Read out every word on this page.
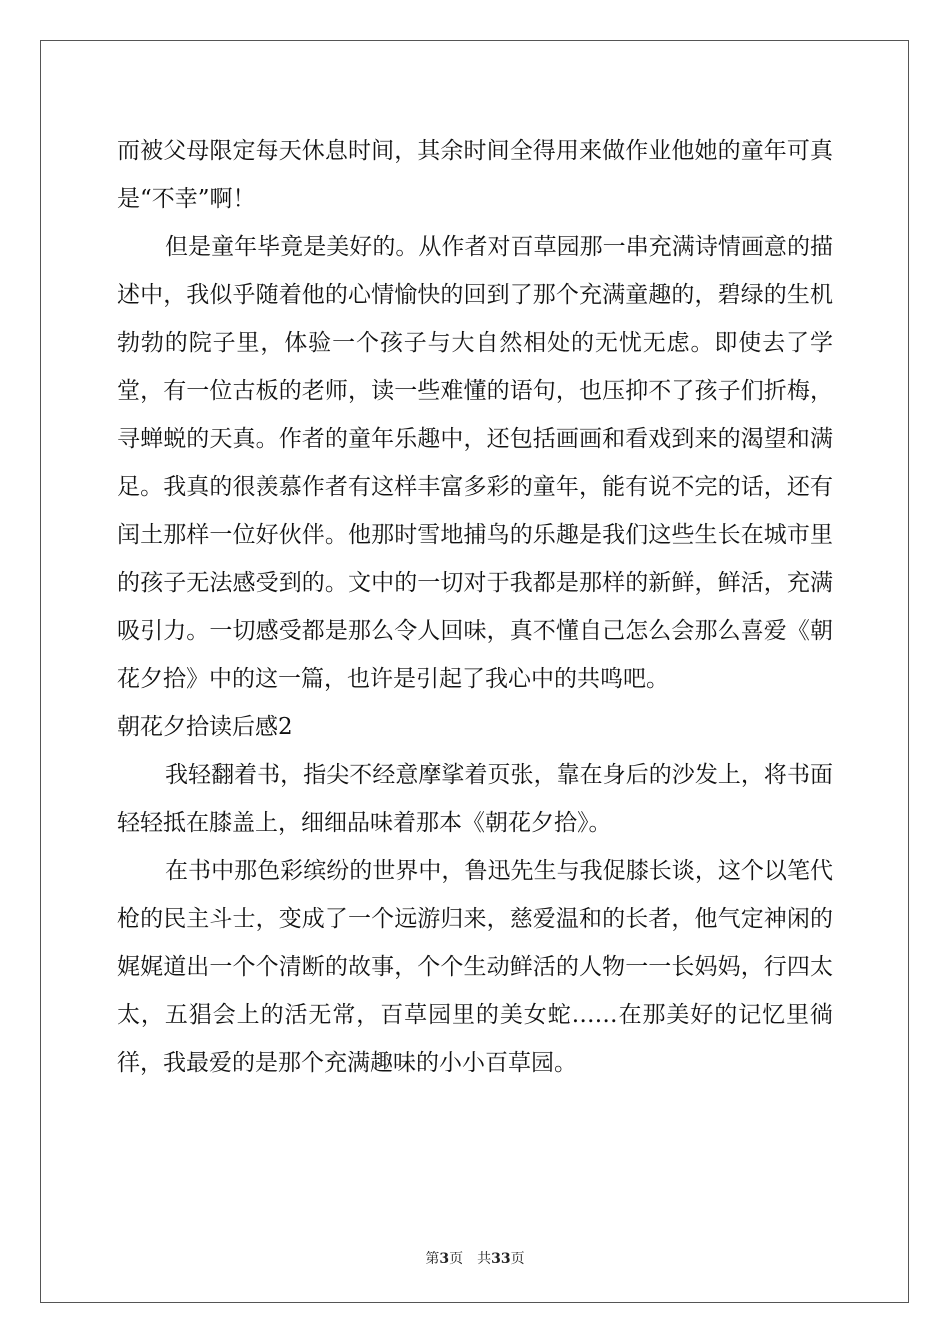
而被父母限定每天休息时间，其余时间全得用来做作业他她的童年可真是“不幸”啊！

但是童年毕竟是美好的。从作者对百草园那一串充满诗情画意的描述中，我似乎随着他的心情愉快的回到了那个充满童趣的，碧绿的生机勃勃的院子里，体验一个孩子与大自然相处的无忧无虑。即使去了学堂，有一位古板的老师，读一些难懂的语句，也压抑不了孩子们折梅，寻蝉蜕的天真。作者的童年乐趣中，还包括画画和看戏到来的渴望和满足。我真的很羡慕作者有这样丰富多彩的童年，能有说不完的话，还有闰土那样一位好伙伴。他那时雪地捕鸟的乐趣是我们这些生长在城市里的孩子无法感受到的。文中的一切对于我都是那样的新鲜，鲜活，充满吸引力。一切感受都是那么令人回味，真不懂自己怎么会那么喜爱《朝花夕拾》中的这一篇，也许是引起了我心中的共鸣吧。

朝花夕拾读后感2

我轻翻着书，指尖不经意摩挲着页张，靠在身后的沙发上，将书面轻轻抵在膝盖上，细细品味着那本《朝花夕拾》。

在书中那色彩缤纷的世界中，鲁迅先生与我促膝长谈，这个以笔代枪的民主斗士，变成了一个远游归来，慈爱温和的长者，他气定神闲的娓娓道出一个个清断的故事，个个生动鲜活的人物一一长妈妈，行四太太，五猖会上的活无常，百草园里的美女蛇……在那美好的记忆里徜徉，我最爱的是那个充满趣味的小小百草园。

第3页　共33页
